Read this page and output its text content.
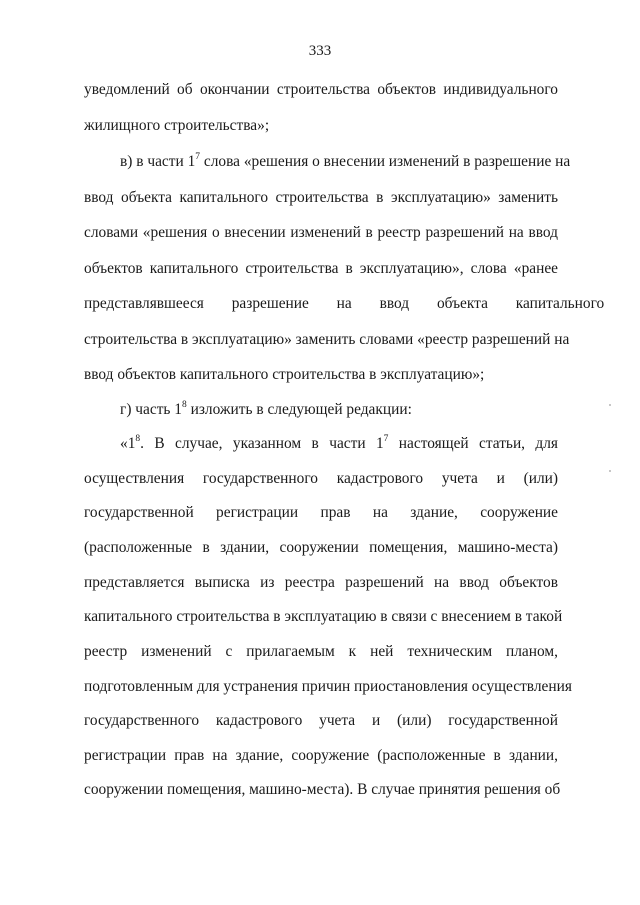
333
уведомлений об окончании строительства объектов индивидуального
жилищного строительства»;
в) в части $1^7$ слова «решения о внесении изменений в разрешение на
ввод объекта капитального строительства в эксплуатацию» заменить
словами «решения о внесении изменений в реестр разрешений на ввод
объектов капитального строительства в эксплуатацию», слова «ранее
представлявшееся разрешение на ввод объекта капитального
строительства в эксплуатацию» заменить словами «реестр разрешений на
ввод объектов капитального строительства в эксплуатацию»;
г) часть $1^8$ изложить в следующей редакции:
«$1^8$. В случае, указанном в части $1^7$ настоящей статьи, для
осуществления государственного кадастрового учета и (или)
государственной регистрации прав на здание, сооружение
(расположенные в здании, сооружении помещения, машино-места)
представляется выписка из реестра разрешений на ввод объектов
капитального строительства в эксплуатацию в связи с внесением в такой
реестр изменений с прилагаемым к ней техническим планом,
подготовленным для устранения причин приостановления осуществления
государственного кадастрового учета и (или) государственной
регистрации прав на здание, сооружение (расположенные в здании,
сооружении помещения, машино-места). В случае принятия решения об
